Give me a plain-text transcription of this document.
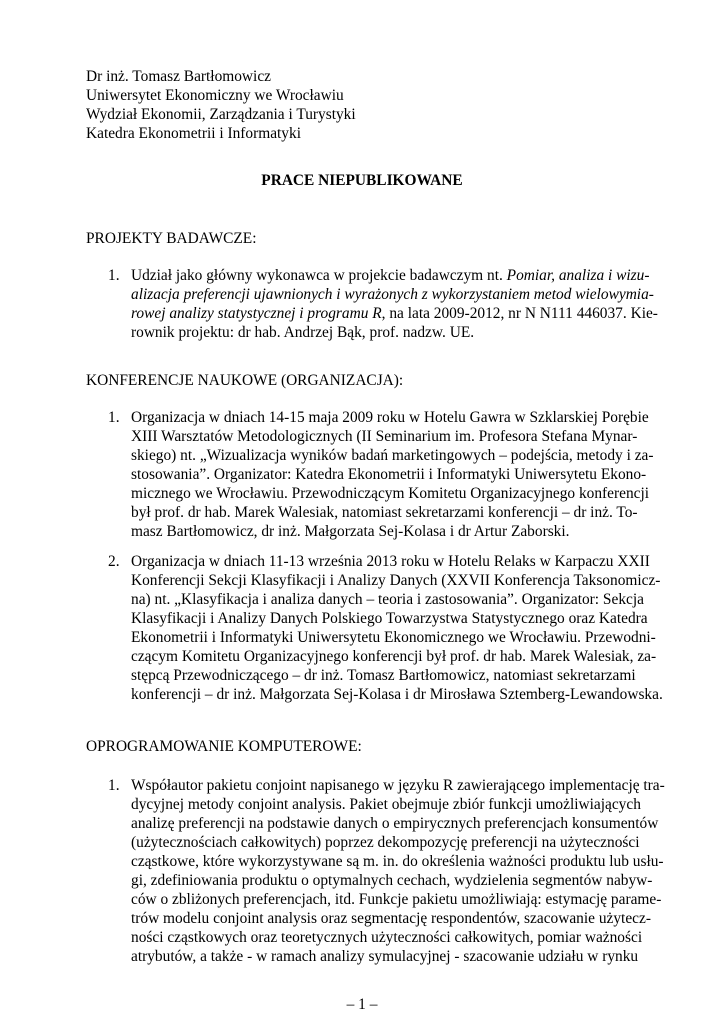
Dr inż. Tomasz Bartłomowicz
Uniwersytet Ekonomiczny we Wrocławiu
Wydział Ekonomii, Zarządzania i Turystyki
Katedra Ekonometrii i Informatyki
PRACE NIEPUBLIKOWANE
PROJEKTY BADAWCZE:
1. Udział jako główny wykonawca w projekcie badawczym nt. Pomiar, analiza i wizu-
alizacja preferencji ujawnionych i wyrażonych z wykorzystaniem metod wielowymia-
rowej analizy statystycznej i programu R, na lata 2009-2012, nr N N111 446037. Kie-
rownik projektu: dr hab. Andrzej Bąk, prof. nadzw. UE.
KONFERENCJE NAUKOWE (ORGANIZACJA):
1. Organizacja w dniach 14-15 maja 2009 roku w Hotelu Gawra w Szklarskiej Porębie
XIII Warsztatów Metodologicznych (II Seminarium im. Profesora Stefana Mynar-
skiego) nt. „Wizualizacja wyników badań marketingowych – podejścia, metody i za-
stosowania”. Organizator: Katedra Ekonometrii i Informatyki Uniwersytetu Ekono-
micznego we Wrocławiu. Przewodniczącym Komitetu Organizacyjnego konferencji
był prof. dr hab. Marek Walesiak, natomiast sekretarzami konferencji – dr inż. To-
masz Bartłomowicz, dr inż. Małgorzata Sej-Kolasa i dr Artur Zaborski.
2. Organizacja w dniach 11-13 września 2013 roku w Hotelu Relaks w Karpaczu XXII
Konferencji Sekcji Klasyfikacji i Analizy Danych (XXVII Konferencja Taksonomicz-
na) nt. „Klasyfikacja i analiza danych – teoria i zastosowania”. Organizator: Sekcja
Klasyfikacji i Analizy Danych Polskiego Towarzystwa Statystycznego oraz Katedra
Ekonometrii i Informatyki Uniwersytetu Ekonomicznego we Wrocławiu. Przewodni-
czącym Komitetu Organizacyjnego konferencji był prof. dr hab. Marek Walesiak, za-
stępcą Przewodniczącego – dr inż. Tomasz Bartłomowicz, natomiast sekretarzami
konferencji – dr inż. Małgorzata Sej-Kolasa i dr Mirosława Sztemberg-Lewandowska.
OPROGRAMOWANIE KOMPUTEROWE:
1. Współautor pakietu conjoint napisanego w języku R zawierającego implementację tra-
dycyjnej metody conjoint analysis. Pakiet obejmuje zbiór funkcji umożliwiających
analizę preferencji na podstawie danych o empirycznych preferencjach konsumentów
(użytecznościach całkowitych) poprzez dekompozycję preferencji na użyteczności
cząstkowe, które wykorzystywane są m. in. do określenia ważności produktu lub usłu-
gi, zdefiniowania produktu o optymalnych cechach, wydzielenia segmentów nabyw-
ców o zbliżonych preferencjach, itd. Funkcje pakietu umożliwiają: estymację parame-
trów modelu conjoint analysis oraz segmentację respondentów, szacowanie użytecz-
ności cząstkowych oraz teoretycznych użyteczności całkowitych, pomiar ważności
atrybutów, a także - w ramach analizy symulacyjnej - szacowanie udziału w rynku
– 1 –
